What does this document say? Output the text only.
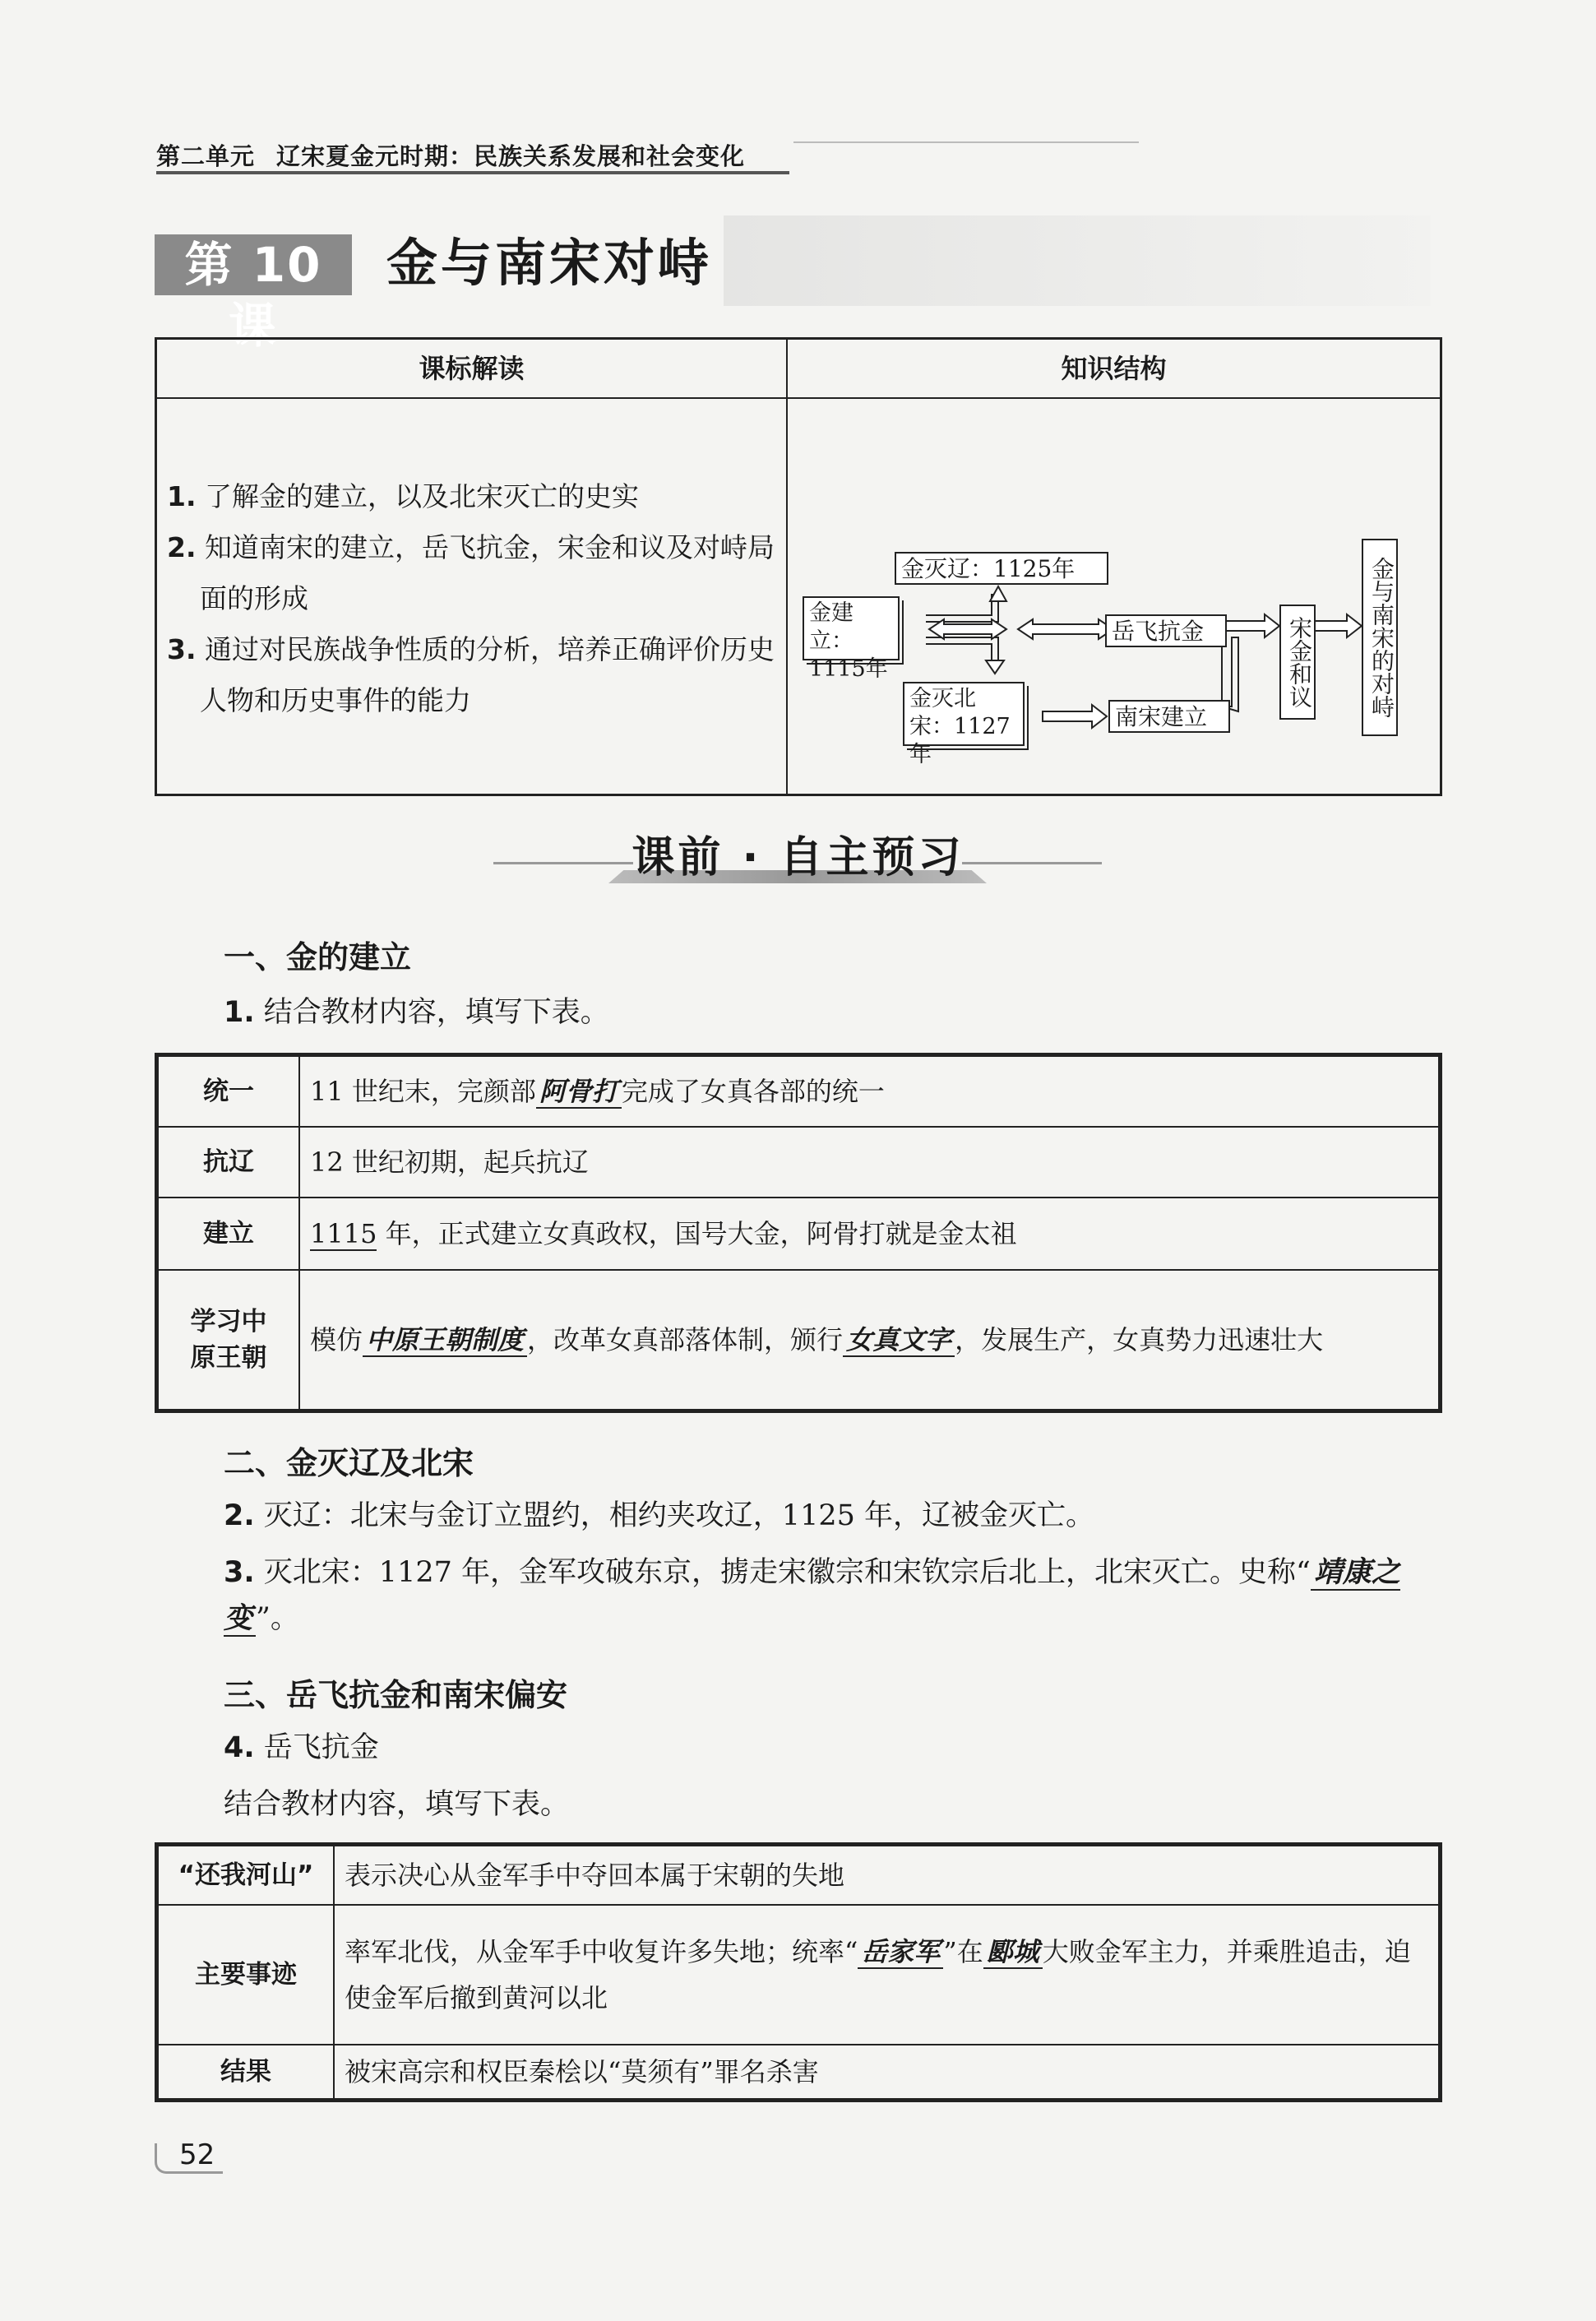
第二单元 辽宋夏金元时期：民族关系发展和社会变化
第 10 课
金与南宋对峙
课标解读	知识结构
1. 了解金的建立，以及北宋灭亡的史实
2. 知道南宋的建立，岳飞抗金，宋金和议及对峙局面的形成
3. 通过对民族战争性质的分析，培养正确评价历史人物和历史事件的能力
金灭辽：1125年
金建立：1115年
岳飞抗金
金灭北宋：1127年
南宋建立
宋金和议 金与南宋的对峙
课前 · 自主预习
一、金的建立
1. 结合教材内容，填写下表。
统一	11 世纪末，完颜部 阿骨打 完成了女真各部的统一
抗辽	12 世纪初期，起兵抗辽
建立	1115 年，正式建立女真政权，国号大金，阿骨打就是金太祖
学习中原王朝	模仿 中原王朝制度 ，改革女真部落体制，颁行 女真文字 ，发展生产，女真势力迅速壮大
二、金灭辽及北宋
2. 灭辽：北宋与金订立盟约，相约夹攻辽，1125 年，辽被金灭亡。
3. 灭北宋：1127 年，金军攻破东京，掳走宋徽宗和宋钦宗后北上，北宋灭亡。史称“ 靖康之变 ”。
三、岳飞抗金和南宋偏安
4. 岳飞抗金
结合教材内容，填写下表。
“还我河山”	表示决心从金军手中夺回本属于宋朝的失地
主要事迹	率军北伐，从金军手中收复许多失地；统率“ 岳家军 ”在 郾城 大败金军主力，并乘胜追击，迫使金军后撤到黄河以北
结果	被宋高宗和权臣秦桧以“莫须有”罪名杀害
52
